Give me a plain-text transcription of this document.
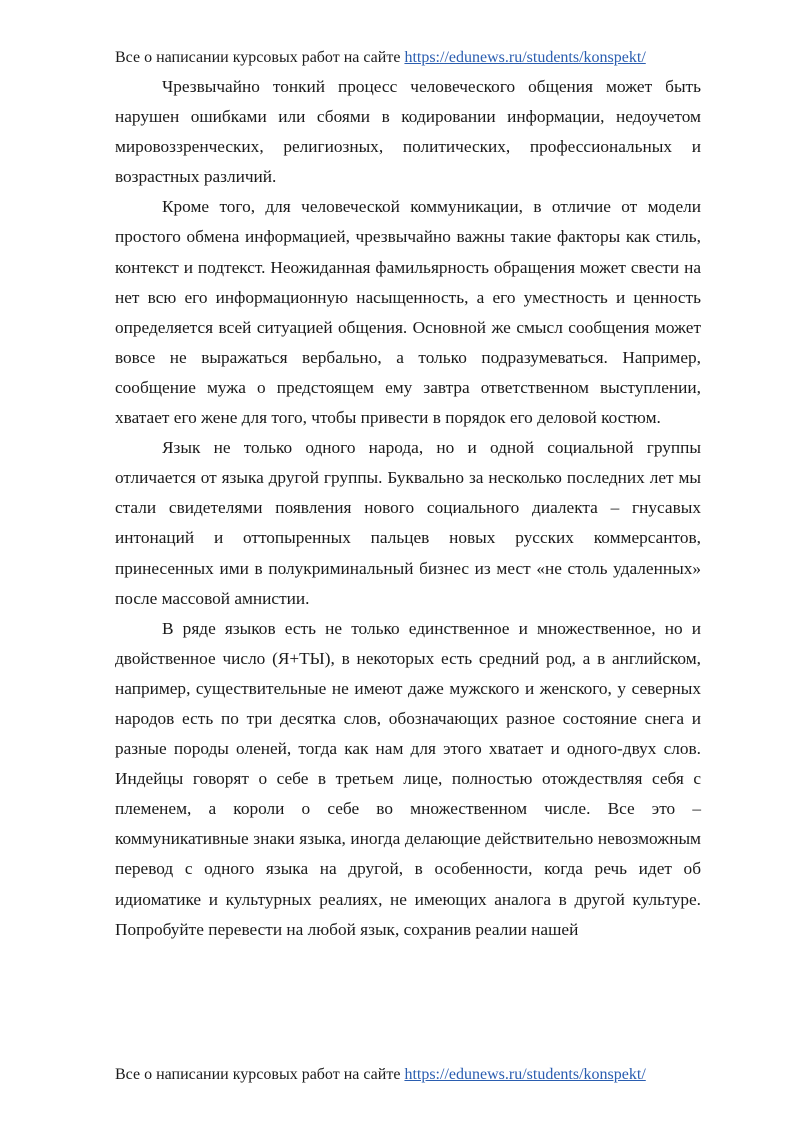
Все о написании курсовых работ на сайте https://edunews.ru/students/konspekt/

Чрезвычайно тонкий процесс человеческого общения может быть нарушен ошибками или сбоями в кодировании информации, недоучетом мировоззренческих, религиозных, политических, профессиональных и возрастных различий.

Кроме того, для человеческой коммуникации, в отличие от модели простого обмена информацией, чрезвычайно важны такие факторы как стиль, контекст и подтекст. Неожиданная фамильярность обращения может свести на нет всю его информационную насыщенность, а его уместность и ценность определяется всей ситуацией общения. Основной же смысл сообщения может вовсе не выражаться вербально, а только подразумеваться. Например, сообщение мужа о предстоящем ему завтра ответственном выступлении, хватает его жене для того, чтобы привести в порядок его деловой костюм.

Язык не только одного народа, но и одной социальной группы отличается от языка другой группы. Буквально за несколько последних лет мы стали свидетелями появления нового социального диалекта – гнусавых интонаций и оттопыренных пальцев новых русских коммерсантов, принесенных ими в полукриминальный бизнес из мест «не столь удаленных» после массовой амнистии.

В ряде языков есть не только единственное и множественное, но и двойственное число (Я+ТЫ), в некоторых есть средний род, а в английском, например, существительные не имеют даже мужского и женского, у северных народов есть по три десятка слов, обозначающих разное состояние снега и разные породы оленей, тогда как нам для этого хватает и одного-двух слов. Индейцы говорят о себе в третьем лице, полностью отождествляя себя с племенем, а короли о себе во множественном числе. Все это – коммуникативные знаки языка, иногда делающие действительно невозможным перевод с одного языка на другой, в особенности, когда речь идет об идиоматике и культурных реалиях, не имеющих аналога в другой культуре. Попробуйте перевести на любой язык, сохранив реалии нашей

Все о написании курсовых работ на сайте https://edunews.ru/students/konspekt/
